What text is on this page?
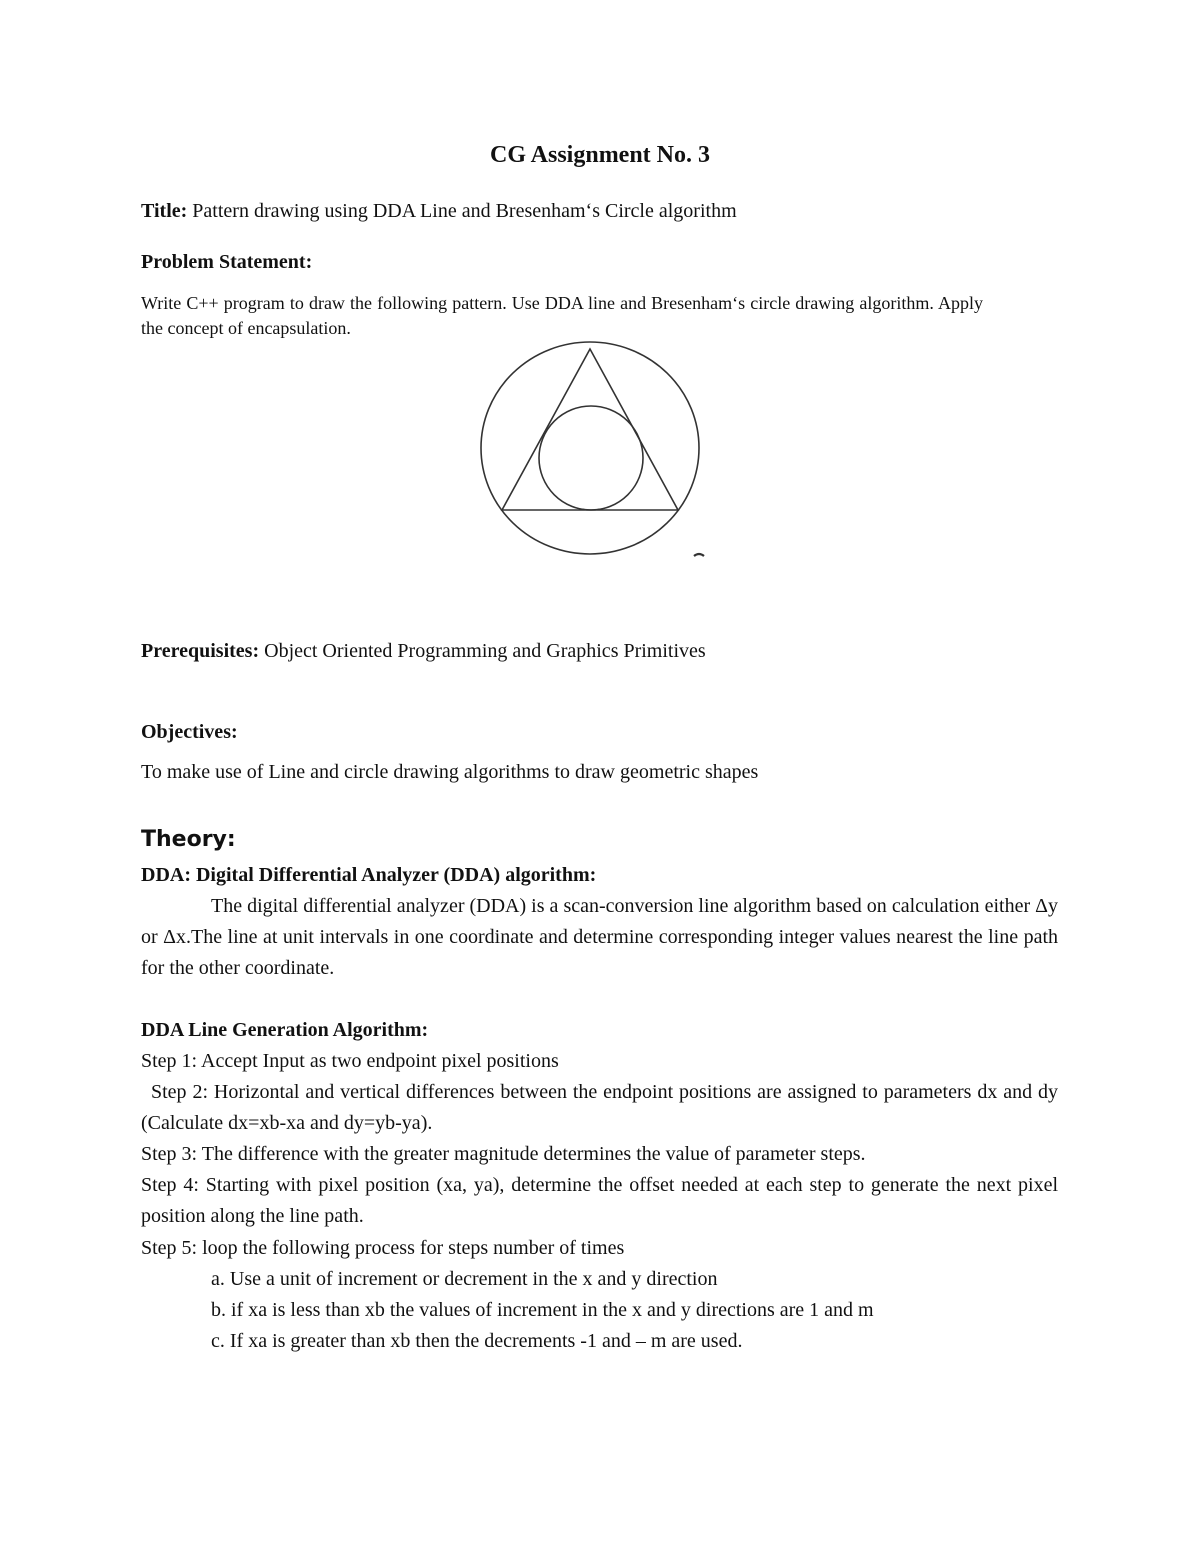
CG Assignment No. 3
Title: Pattern drawing using DDA Line and Bresenham‘s Circle algorithm
Problem Statement:
Write C++ program to draw the following pattern. Use DDA line and Bresenham‘s circle drawing algorithm. Apply the concept of encapsulation.
Prerequisites: Object Oriented Programming and Graphics Primitives
Objectives:
To make use of Line and circle drawing algorithms to draw geometric shapes
Theory:
DDA: Digital Differential Analyzer (DDA) algorithm:
The digital differential analyzer (DDA) is a scan-conversion line algorithm based on calculation either Δy or Δx.The line at unit intervals in one coordinate and determine corresponding integer values nearest the line path for the other coordinate.
DDA Line Generation Algorithm:
Step 1: Accept Input as two endpoint pixel positions
Step 2: Horizontal and vertical differences between the endpoint positions are assigned to parameters dx and dy (Calculate dx=xb-xa and dy=yb-ya).
Step 3: The difference with the greater magnitude determines the value of parameter steps.
Step 4: Starting with pixel position (xa, ya), determine the offset needed at each step to generate the next pixel position along the line path.
Step 5: loop the following process for steps number of times
a. Use a unit of increment or decrement in the x and y direction
b. if xa is less than xb the values of increment in the x and y directions are 1 and m
c. If xa is greater than xb then the decrements -1 and – m are used.
